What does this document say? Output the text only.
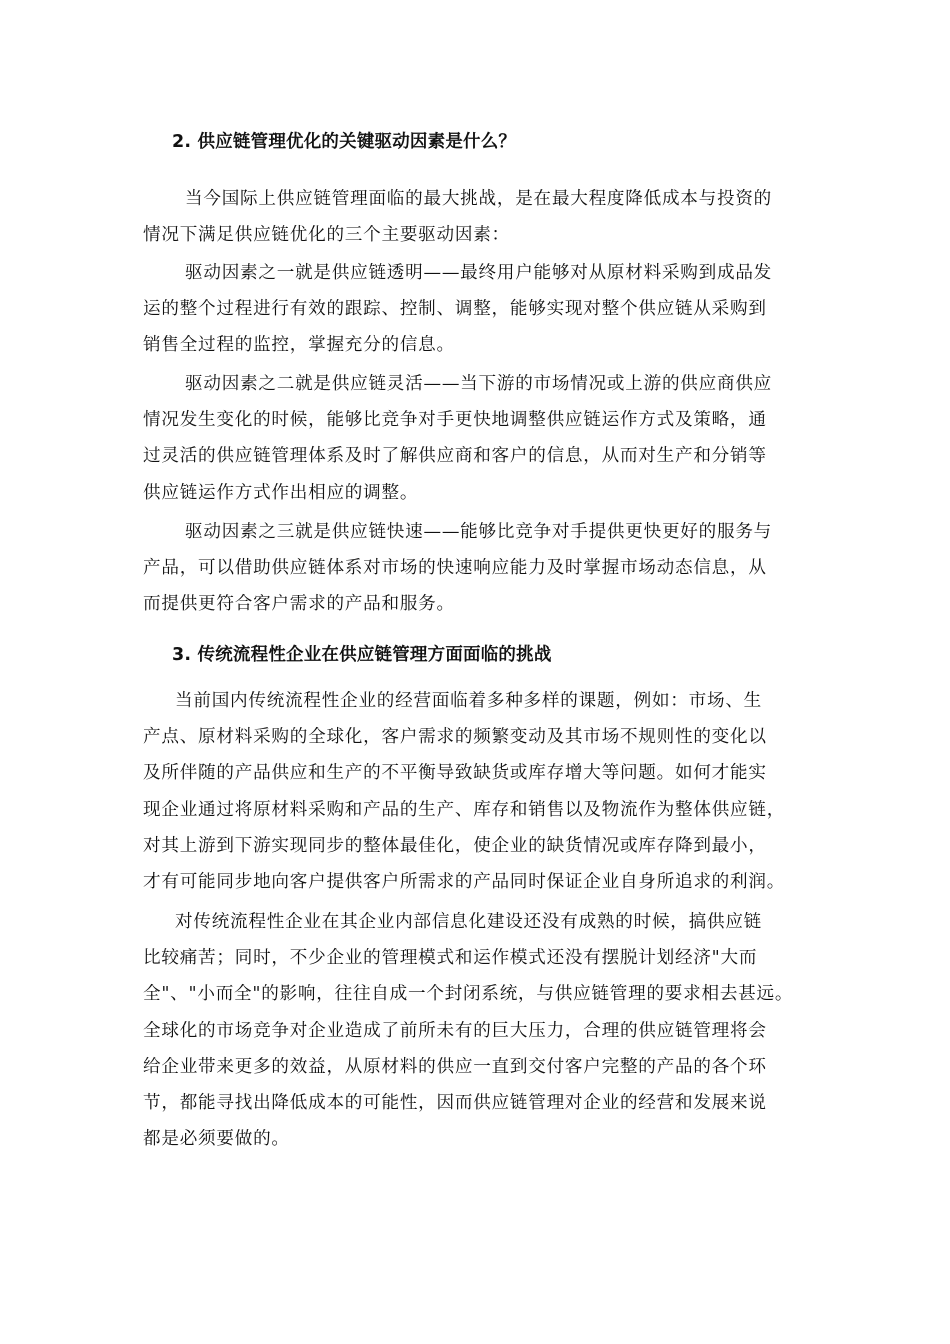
2. 供应链管理优化的关键驱动因素是什么？
当今国际上供应链管理面临的最大挑战，是在最大程度降低成本与投资的
情况下满足供应链优化的三个主要驱动因素：
驱动因素之一就是供应链透明——最终用户能够对从原材料采购到成品发
运的整个过程进行有效的跟踪、控制、调整，能够实现对整个供应链从采购到
销售全过程的监控，掌握充分的信息。
驱动因素之二就是供应链灵活——当下游的市场情况或上游的供应商供应
情况发生变化的时候，能够比竞争对手更快地调整供应链运作方式及策略，通
过灵活的供应链管理体系及时了解供应商和客户的信息，从而对生产和分销等
供应链运作方式作出相应的调整。
驱动因素之三就是供应链快速——能够比竞争对手提供更快更好的服务与
产品，可以借助供应链体系对市场的快速响应能力及时掌握市场动态信息，从
而提供更符合客户需求的产品和服务。
3. 传统流程性企业在供应链管理方面面临的挑战
当前国内传统流程性企业的经营面临着多种多样的课题，例如：市场、生
产点、原材料采购的全球化，客户需求的频繁变动及其市场不规则性的变化以
及所伴随的产品供应和生产的不平衡导致缺货或库存增大等问题。如何才能实
现企业通过将原材料采购和产品的生产、库存和销售以及物流作为整体供应链，
对其上游到下游实现同步的整体最佳化，使企业的缺货情况或库存降到最小，
才有可能同步地向客户提供客户所需求的产品同时保证企业自身所追求的利润。
对传统流程性企业在其企业内部信息化建设还没有成熟的时候，搞供应链
比较痛苦；同时，不少企业的管理模式和运作模式还没有摆脱计划经济"大而
全"、"小而全"的影响，往往自成一个封闭系统，与供应链管理的要求相去甚远。
全球化的市场竞争对企业造成了前所未有的巨大压力，合理的供应链管理将会
给企业带来更多的效益，从原材料的供应一直到交付客户完整的产品的各个环
节，都能寻找出降低成本的可能性，因而供应链管理对企业的经营和发展来说
都是必须要做的。
